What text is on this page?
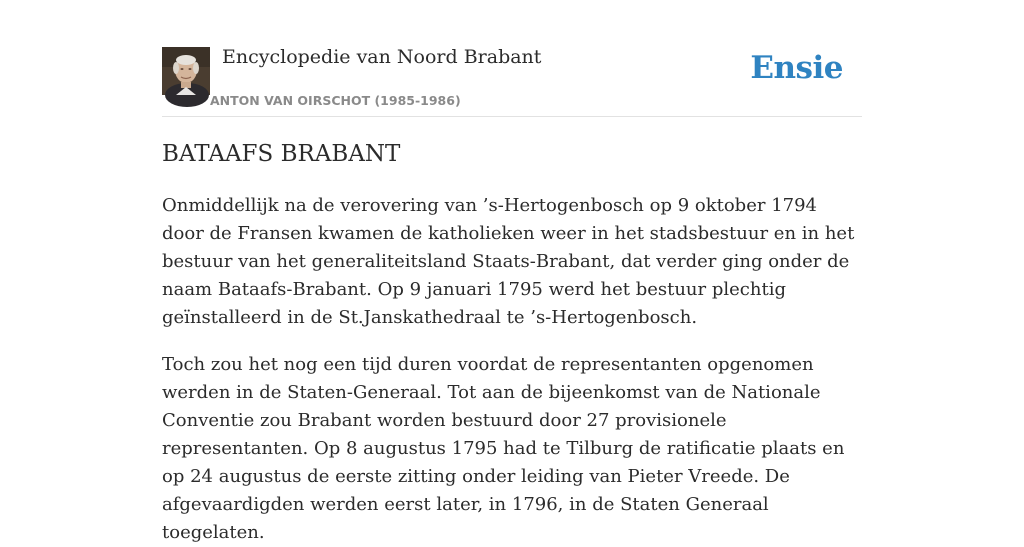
Encyclopedie van Noord Brabant
ANTON VAN OIRSCHOT (1985-1986)
Ensie
BATAAFS BRABANT

Onmiddellijk na de verovering van ’s-Hertogenbosch op 9 oktober 1794 door de Fransen kwamen de katholieken weer in het stadsbestuur en in het bestuur van het generaliteitsland Staats-Brabant, dat verder ging onder de naam Bataafs-Brabant. Op 9 januari 1795 werd het bestuur plechtig geïnstalleerd in de St.Janskathedraal te ’s-Hertogenbosch.

Toch zou het nog een tijd duren voordat de representanten opgenomen werden in de Staten-Generaal. Tot aan de bijeenkomst van de Nationale Conventie zou Brabant worden bestuurd door 27 provisionele representanten. Op 8 augustus 1795 had te Tilburg de ratificatie plaats en op 24 augustus de eerste zitting onder leiding van Pieter Vreede. De afgevaardigden werden eerst later, in 1796, in de Staten Generaal toegelaten.
